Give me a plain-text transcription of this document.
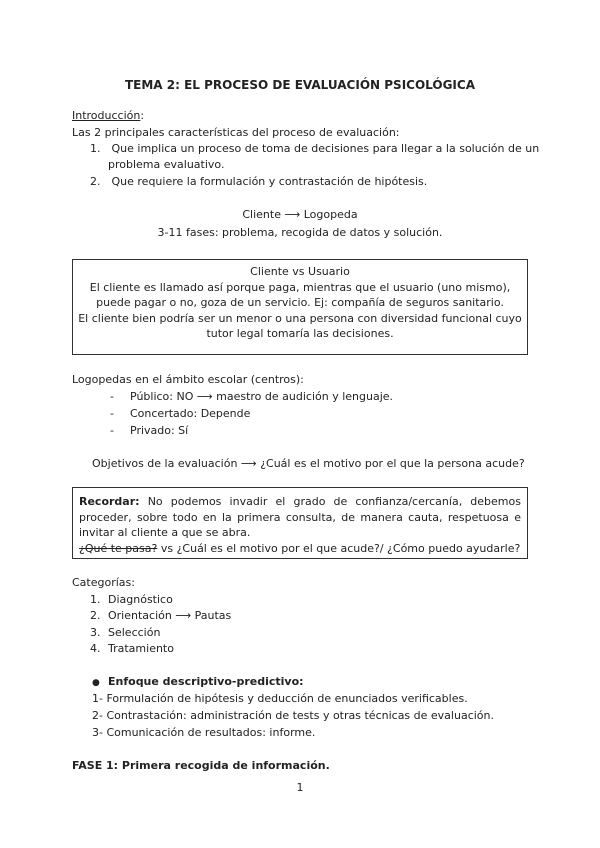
TEMA 2: EL PROCESO DE EVALUACIÓN PSICOLÓGICA
Introducción:
Las 2 principales características del proceso de evaluación:
1. Que implica un proceso de toma de decisiones para llegar a la solución de un
problema evaluativo.
2. Que requiere la formulación y contrastación de hipótesis.
Cliente ⟶ Logopeda
3-11 fases: problema, recogida de datos y solución.
Cliente vs Usuario
El cliente es llamado así porque paga, mientras que el usuario (uno mismo),
puede pagar o no, goza de un servicio. Ej: compañía de seguros sanitario.
El cliente bien podría ser un menor o una persona con diversidad funcional cuyo
tutor legal tomaría las decisiones.
Logopedas en el ámbito escolar (centros):
- Público: NO ⟶ maestro de audición y lenguaje.
- Concertado: Depende
- Privado: Sí
Objetivos de la evaluación ⟶ ¿Cuál es el motivo por el que la persona acude?
Recordar: No podemos invadir el grado de confianza/cercanía, debemos proceder, sobre todo en la primera consulta, de manera cauta, respetuosa e invitar al cliente a que se abra.
¿Qué te pasa? vs ¿Cuál es el motivo por el que acude?/ ¿Cómo puedo ayudarle?
Categorías:
1. Diagnóstico
2. Orientación ⟶ Pautas
3. Selección
4. Tratamiento
● Enfoque descriptivo-predictivo:
1- Formulación de hipótesis y deducción de enunciados verificables.
2- Contrastación: administración de tests y otras técnicas de evaluación.
3- Comunicación de resultados: informe.
FASE 1: Primera recogida de información.
1
